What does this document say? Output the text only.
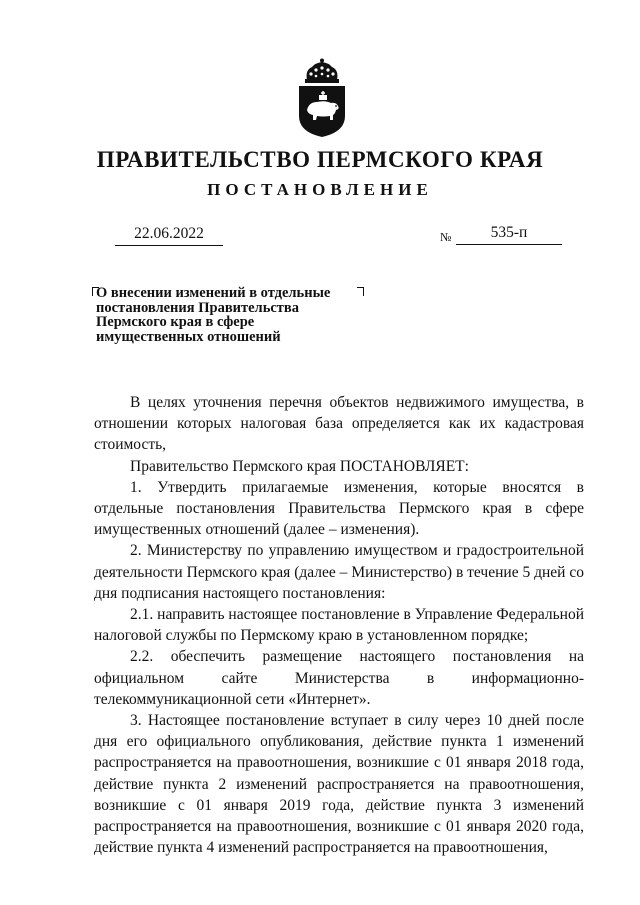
ПРАВИТЕЛЬСТВО ПЕРМСКОГО КРАЯ
ПОСТАНОВЛЕНИЕ
22.06.2022	№	535-п
О внесении изменений в отдельные
постановления Правительства
Пермского края в сфере
имущественных отношений

В целях уточнения перечня объектов недвижимого имущества, в отношении которых налоговая база определяется как их кадастровая стоимость,

Правительство Пермского края ПОСТАНОВЛЯЕТ:

1. Утвердить прилагаемые изменения, которые вносятся в отдельные постановления Правительства Пермского края в сфере имущественных отношений (далее – изменения).

2. Министерству по управлению имуществом и градостроительной деятельности Пермского края (далее – Министерство) в течение 5 дней со дня подписания настоящего постановления:

2.1. направить настоящее постановление в Управление Федеральной налоговой службы по Пермскому краю в установленном порядке;

2.2. обеспечить размещение настоящего постановления на официальном сайте Министерства в информационно-телекоммуникационной сети «Интернет».

3. Настоящее постановление вступает в силу через 10 дней после дня его официального опубликования, действие пункта 1 изменений распространяется на правоотношения, возникшие с 01 января 2018 года, действие пункта 2 изменений распространяется на правоотношения, возникшие с 01 января 2019 года, действие пункта 3 изменений распространяется на правоотношения, возникшие с 01 января 2020 года, действие пункта 4 изменений распространяется на правоотношения,
